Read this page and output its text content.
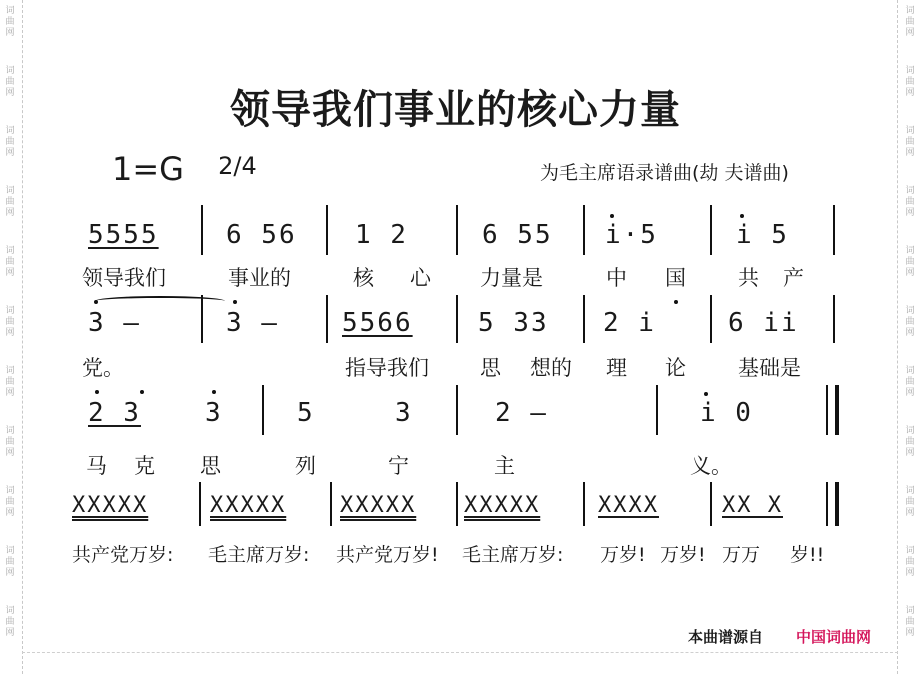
词
曲
网
词
曲
网
词
曲
网
词
曲
网
词
曲
网
词
曲
网
词
曲
网
词
曲
网
词
曲
网
词
曲
网
词
曲
网
词
曲
网
词
曲
网
词
曲
网
词
曲
网
词
曲
网
词
曲
网
词
曲
网
词
曲
网
词
曲
网
词
曲
网
词
曲
网
领导我们事业的核心力量
1=G 2/4	为毛主席语录谱曲(劫 夫谱曲)
5555	6 56 1 2	6 55 i·5	i 5
领导我们	事业的	核 心 力量是	中 国 共产
3 —	3 — 5566	5 33 2 i	6 ii
党。	指导我们 思 想的 理 论 基础是
2 3 3	5	3	2 —	i 0
马 克 思	列	宁	主	义。
XXXXX	XXXXX XXXXX XXXXX	XXXX	XX X
共产党万岁: 毛主席万岁: 共产党万岁! 毛主席万岁: 万岁! 万岁! 万万 岁!!
本曲谱源自 中国词曲网
